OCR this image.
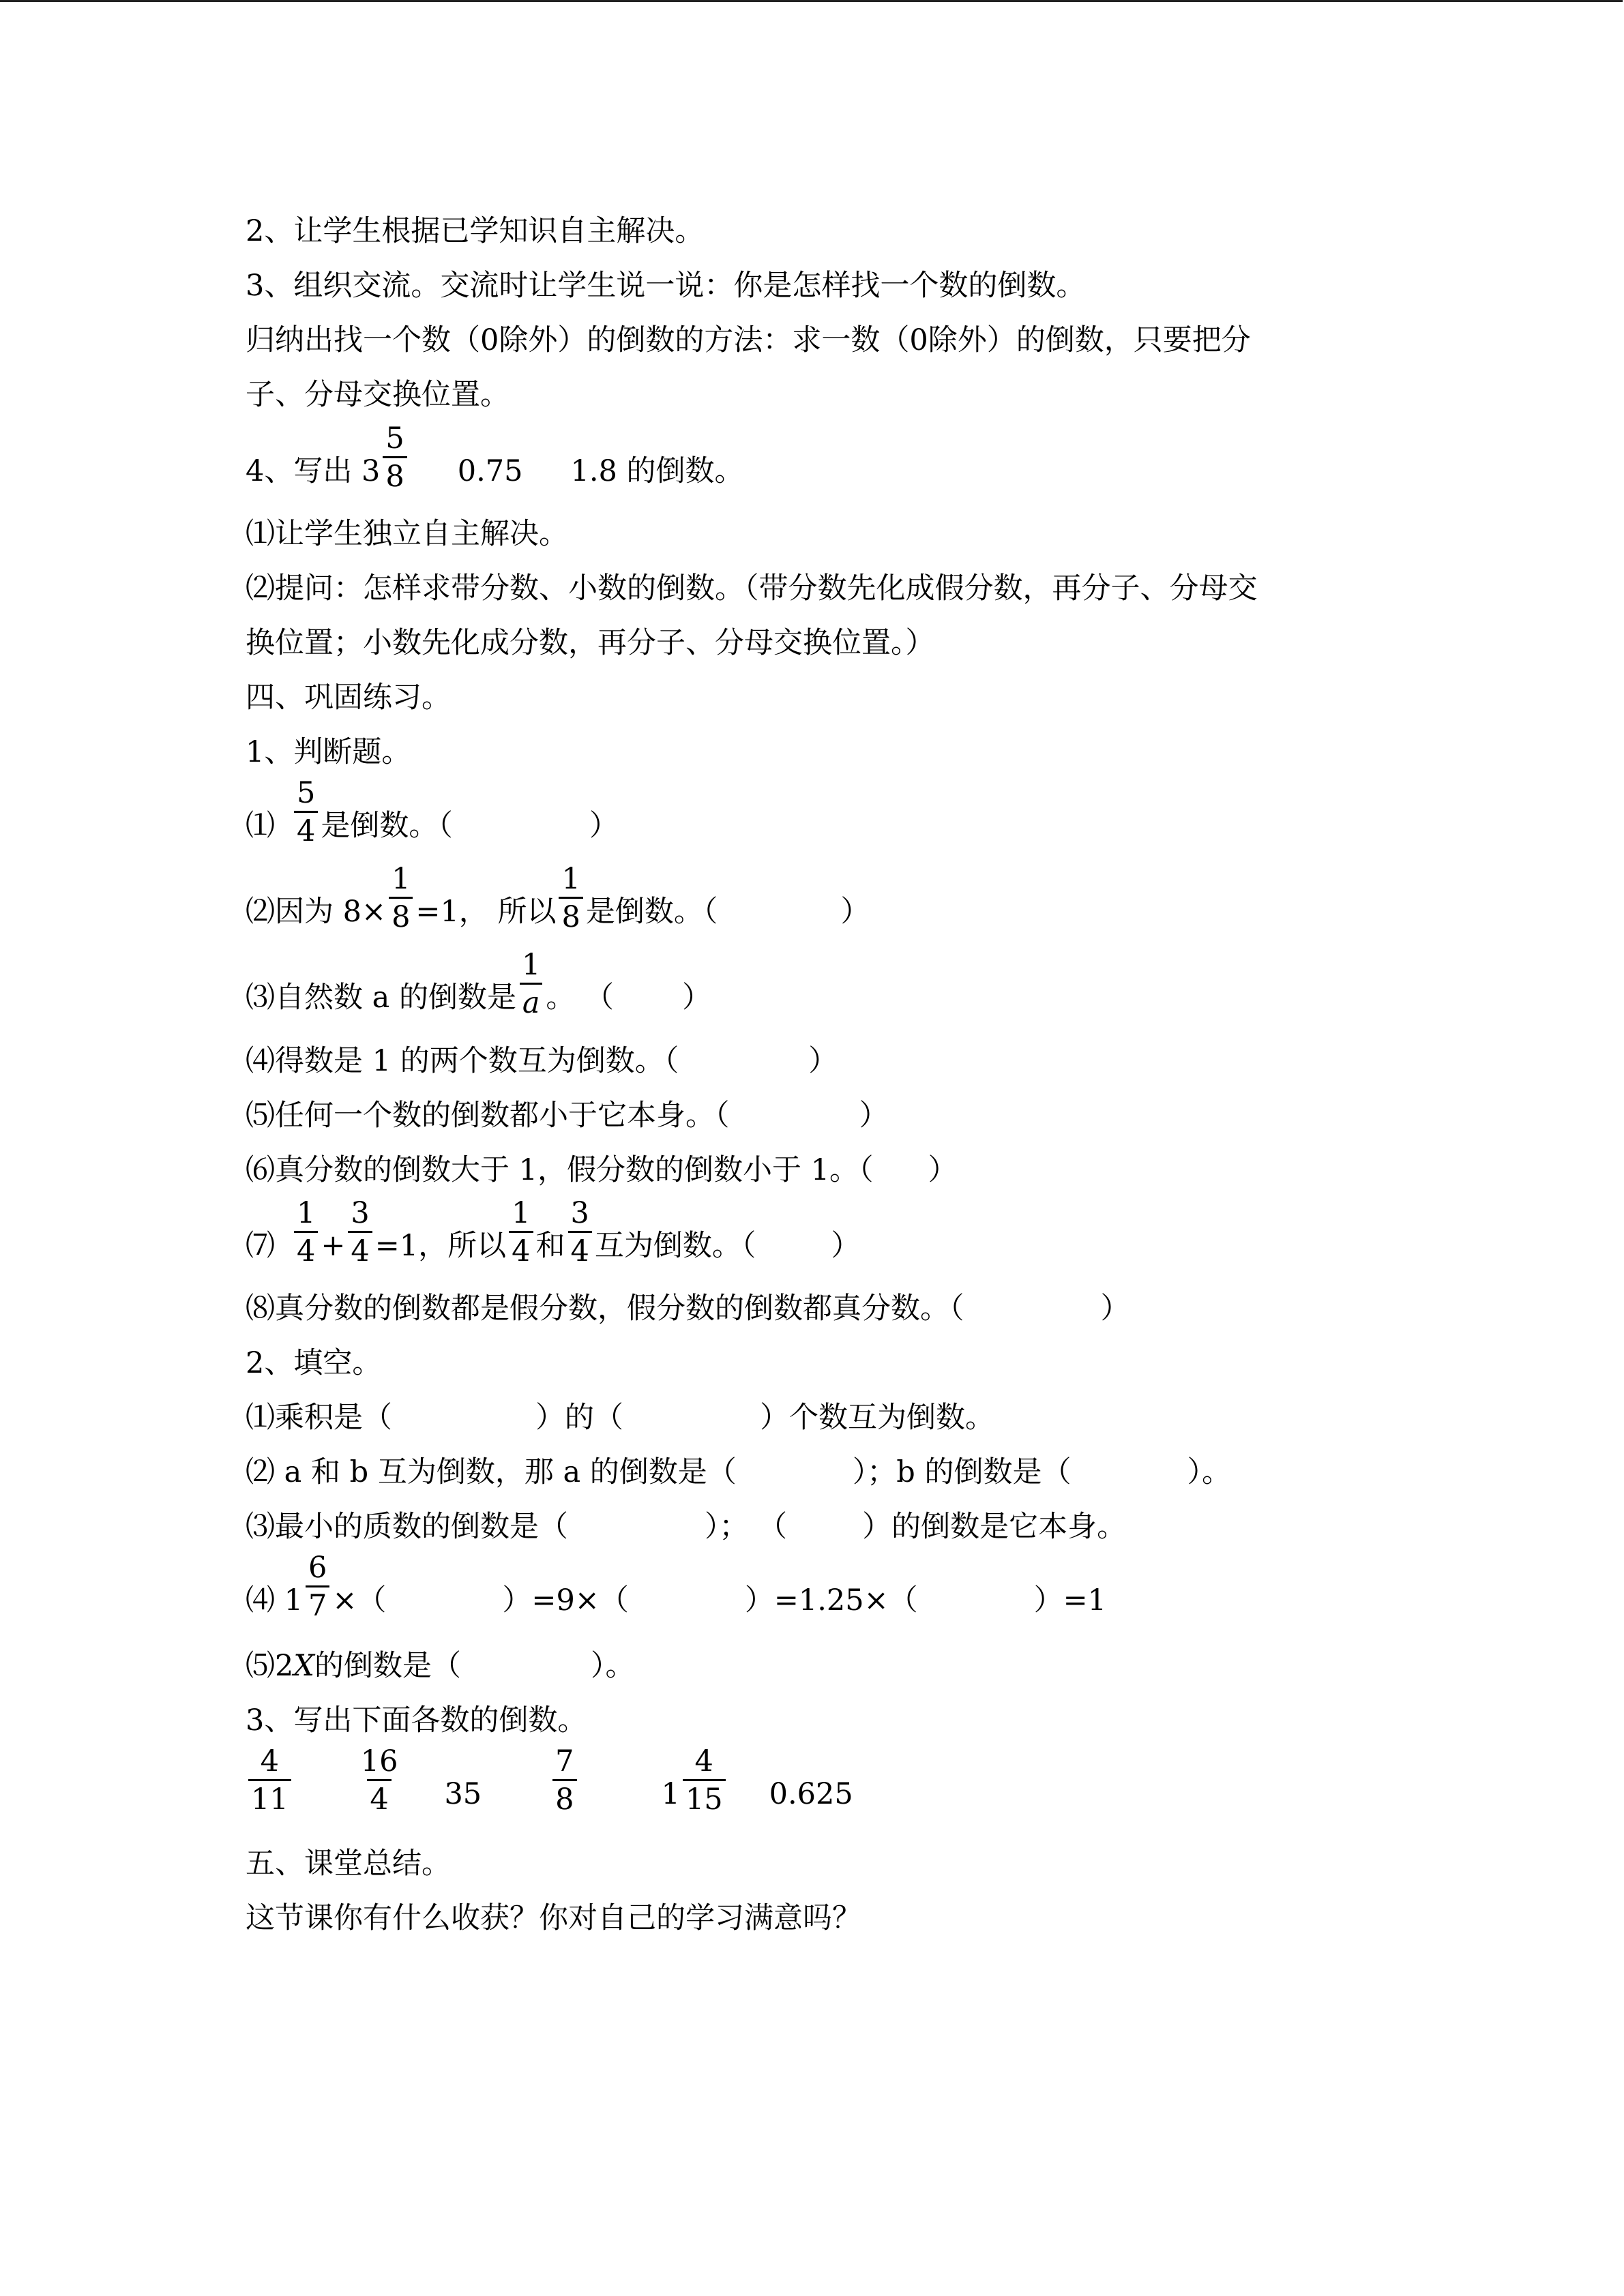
2、让学生根据已学知识自主解决。
3、组织交流。交流时让学生说一说：你是怎样找一个数的倒数。
归纳出找一个数（0除外）的倒数的方法：求一数（0除外）的倒数，只要把分
子、分母交换位置。
4、写出 $3 \frac{5}{8} 0.75$ 1.8 的倒数。
⑴让学生独立自主解决。
⑵提问：怎样求带分数、小数的倒数。（带分数先化成假分数，再分子、分母交
换位置；小数先化成分数，再分子、分母交换位置。）
四、巩固练习。
1、判断题。
⑴ $\frac{5}{4}$ 是倒数。（	）
⑵因为 $8\times \frac{1}{8} =1$， 所以 $\frac{1}{8}$ 是倒数。（	）
⑶自然数 a 的倒数是 $\frac{1}{a}$ 。 （ ）
⑷得数是 1 的两个数互为倒数。（	）
⑸任何一个数的倒数都小于它本身。（	）
⑹真分数的倒数大于 1，假分数的倒数小于 1。（ ）
⑺ $\frac{1}{4} + \frac{3}{4} =1$，所以 $\frac{1}{4}$ 和 $\frac{3}{4}$ 互为倒数。（	）
⑻真分数的倒数都是假分数，假分数的倒数都真分数。（	）
2、填空。
⑴乘积是（	）的（	）个数互为倒数。
⑵ a 和 b 互为倒数，那 a 的倒数是（	）；b 的倒数是（	）。
⑶最小的质数的倒数是（	）； （	）的倒数是它本身。
⑷ $1 \frac{6}{7}$ ×（	）=9×（	）=1.25×（	）=1
⑸2X的倒数是（	）。
3、写出下面各数的倒数。
$\frac{4}{11} \frac{16}{4} 35 \frac{7}{8}$	$1 \frac{4}{15} 0.625$
五、课堂总结。
这节课你有什么收获？你对自己的学习满意吗？
